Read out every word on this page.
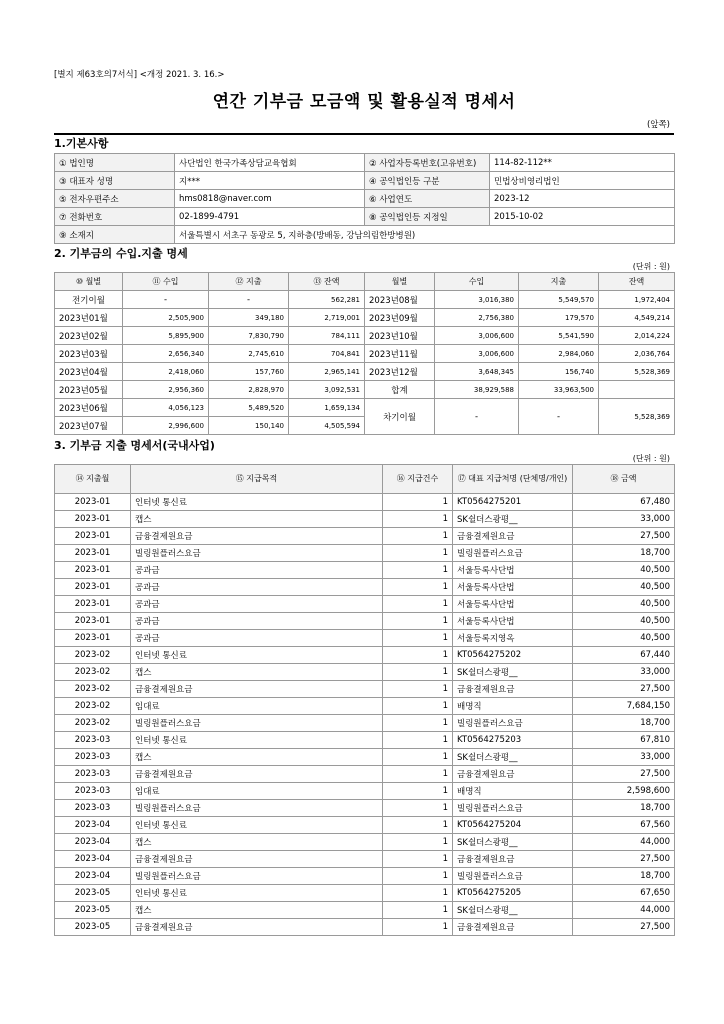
[별지 제63호의7서식] <개정 2021. 3. 16.>
연간 기부금 모금액 및 활용실적 명세서
(앞쪽)
1.기본사항
① 법인명	사단법인 한국가족상담교육협회	② 사업자등록번호(고유번호)	114-82-112**
③ 대표자 성명	지***	④ 공익법인등 구분	민법상비영리법인
⑤ 전자우편주소	hms0818@naver.com	⑥ 사업연도	2023-12
⑦ 전화번호	02-1899-4791	⑧ 공익법인등 지정일	2015-10-02
⑨ 소재지	서울특별시 서초구 동광로 5, 지하층(방배동, 강남의림한방병원)		
2. 기부금의 수입.지출 명세
(단위 : 원)
⑩ 월별	⑪ 수입	⑫ 지출	⑬ 잔액	월별	수입	지출	잔액
전기이월	-	-	562,281	2023년08월	3,016,380	5,549,570	1,972,404
2023년01월	2,505,900	349,180	2,719,001	2023년09월	2,756,380	179,570	4,549,214
2023년02월	5,895,900	7,830,790	784,111	2023년10월	3,006,600	5,541,590	2,014,224
2023년03월	2,656,340	2,745,610	704,841	2023년11월	3,006,600	2,984,060	2,036,764
2023년04월	2,418,060	157,760	2,965,141	2023년12월	3,648,345	156,740	5,528,369
2023년05월	2,956,360	2,828,970	3,092,531	합계	38,929,588	33,963,500	
2023년06월	4,056,123	5,489,520	1,659,134	차기이월	-	-	5,528,369
2023년07월	2,996,600	150,140	4,505,594				
3. 기부금 지출 명세서(국내사업)
(단위 : 원)
⑭ 지출월	⑮ 지급목적	⑯ 지급건수	⑰ 대표 지급처명 (단체명/개인)	⑱ 금액
2023-01	인터넷 통신료	1	KT0564275201	67,480
2023-01	캡스	1	SK쉴더스광평__	33,000
2023-01	금융결제원요금	1	금융결제원요금	27,500
2023-01	빌링원플러스요금	1	빌링원플러스요금	18,700
2023-01	공과금	1	서울등록사단법	40,500
2023-01	공과금	1	서울등록사단법	40,500
2023-01	공과금	1	서울등록사단법	40,500
2023-01	공과금	1	서울등록사단법	40,500
2023-01	공과금	1	서울등록지영옥	40,500
2023-02	인터넷 통신료	1	KT0564275202	67,440
2023-02	캡스	1	SK쉴더스광평__	33,000
2023-02	금융결제원요금	1	금융결제원요금	27,500
2023-02	임대료	1	배명직	7,684,150
2023-02	빌링원플러스요금	1	빌링원플러스요금	18,700
2023-03	인터넷 통신료	1	KT0564275203	67,810
2023-03	캡스	1	SK쉴더스광평__	33,000
2023-03	금융결제원요금	1	금융결제원요금	27,500
2023-03	임대료	1	배명직	2,598,600
2023-03	빌링원플러스요금	1	빌링원플러스요금	18,700
2023-04	인터넷 통신료	1	KT0564275204	67,560
2023-04	캡스	1	SK쉴더스광평__	44,000
2023-04	금융결제원요금	1	금융결제원요금	27,500
2023-04	빌링원플러스요금	1	빌링원플러스요금	18,700
2023-05	인터넷 통신료	1	KT0564275205	67,650
2023-05	캡스	1	SK쉴더스광평__	44,000
2023-05	금융결제원요금	1	금융결제원요금	27,500
